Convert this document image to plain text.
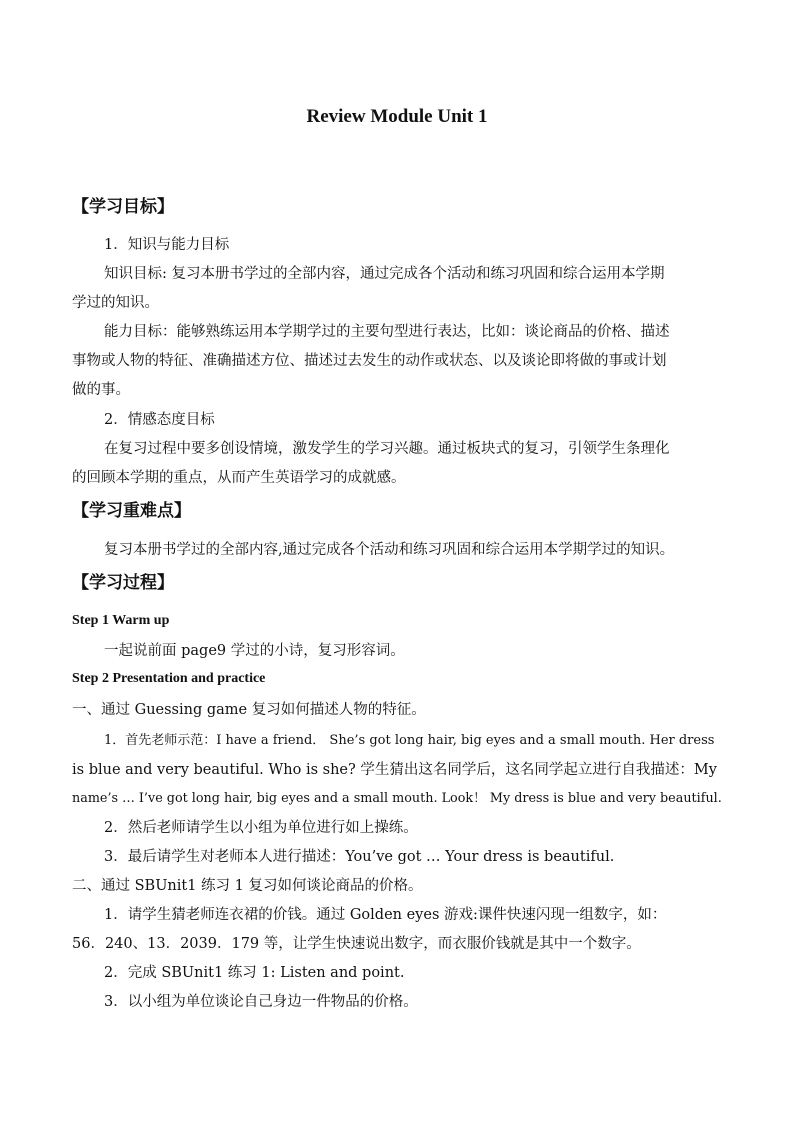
Review Module Unit 1
【学习目标】
1．知识与能力目标
知识目标: 复习本册书学过的全部内容，通过完成各个活动和练习巩固和综合运用本学期
学过的知识。
能力目标：能够熟练运用本学期学过的主要句型进行表达，比如：谈论商品的价格、描述
事物或人物的特征、准确描述方位、描述过去发生的动作或状态、以及谈论即将做的事或计划
做的事。
2．情感态度目标
在复习过程中要多创设情境，激发学生的学习兴趣。通过板块式的复习，引领学生条理化
的回顾本学期的重点，从而产生英语学习的成就感。
【学习重难点】
复习本册书学过的全部内容,通过完成各个活动和练习巩固和综合运用本学期学过的知识。
【学习过程】
Step 1 Warm up
一起说前面 page9 学过的小诗，复习形容词。
Step 2 Presentation and practice
一、通过 Guessing game 复习如何描述人物的特征。
1．首先老师示范：I have a friend． She’s got long hair, big eyes and a small mouth. Her dress
is blue and very beautiful. Who is she? 学生猜出这名同学后，这名同学起立进行自我描述：My
name’s … I’ve got long hair, big eyes and a small mouth. Look！ My dress is blue and very beautiful.
2．然后老师请学生以小组为单位进行如上操练。
3．最后请学生对老师本人进行描述：You’ve got … Your dress is beautiful.
二、通过 SBUnit1 练习 1 复习如何谈论商品的价格。
1．请学生猜老师连衣裙的价钱。通过 Golden eyes 游戏:课件快速闪现一组数字，如：
56．240、13．2039．179 等，让学生快速说出数字，而衣服价钱就是其中一个数字。
2．完成 SBUnit1 练习 1: Listen and point.
3．以小组为单位谈论自己身边一件物品的价格。
